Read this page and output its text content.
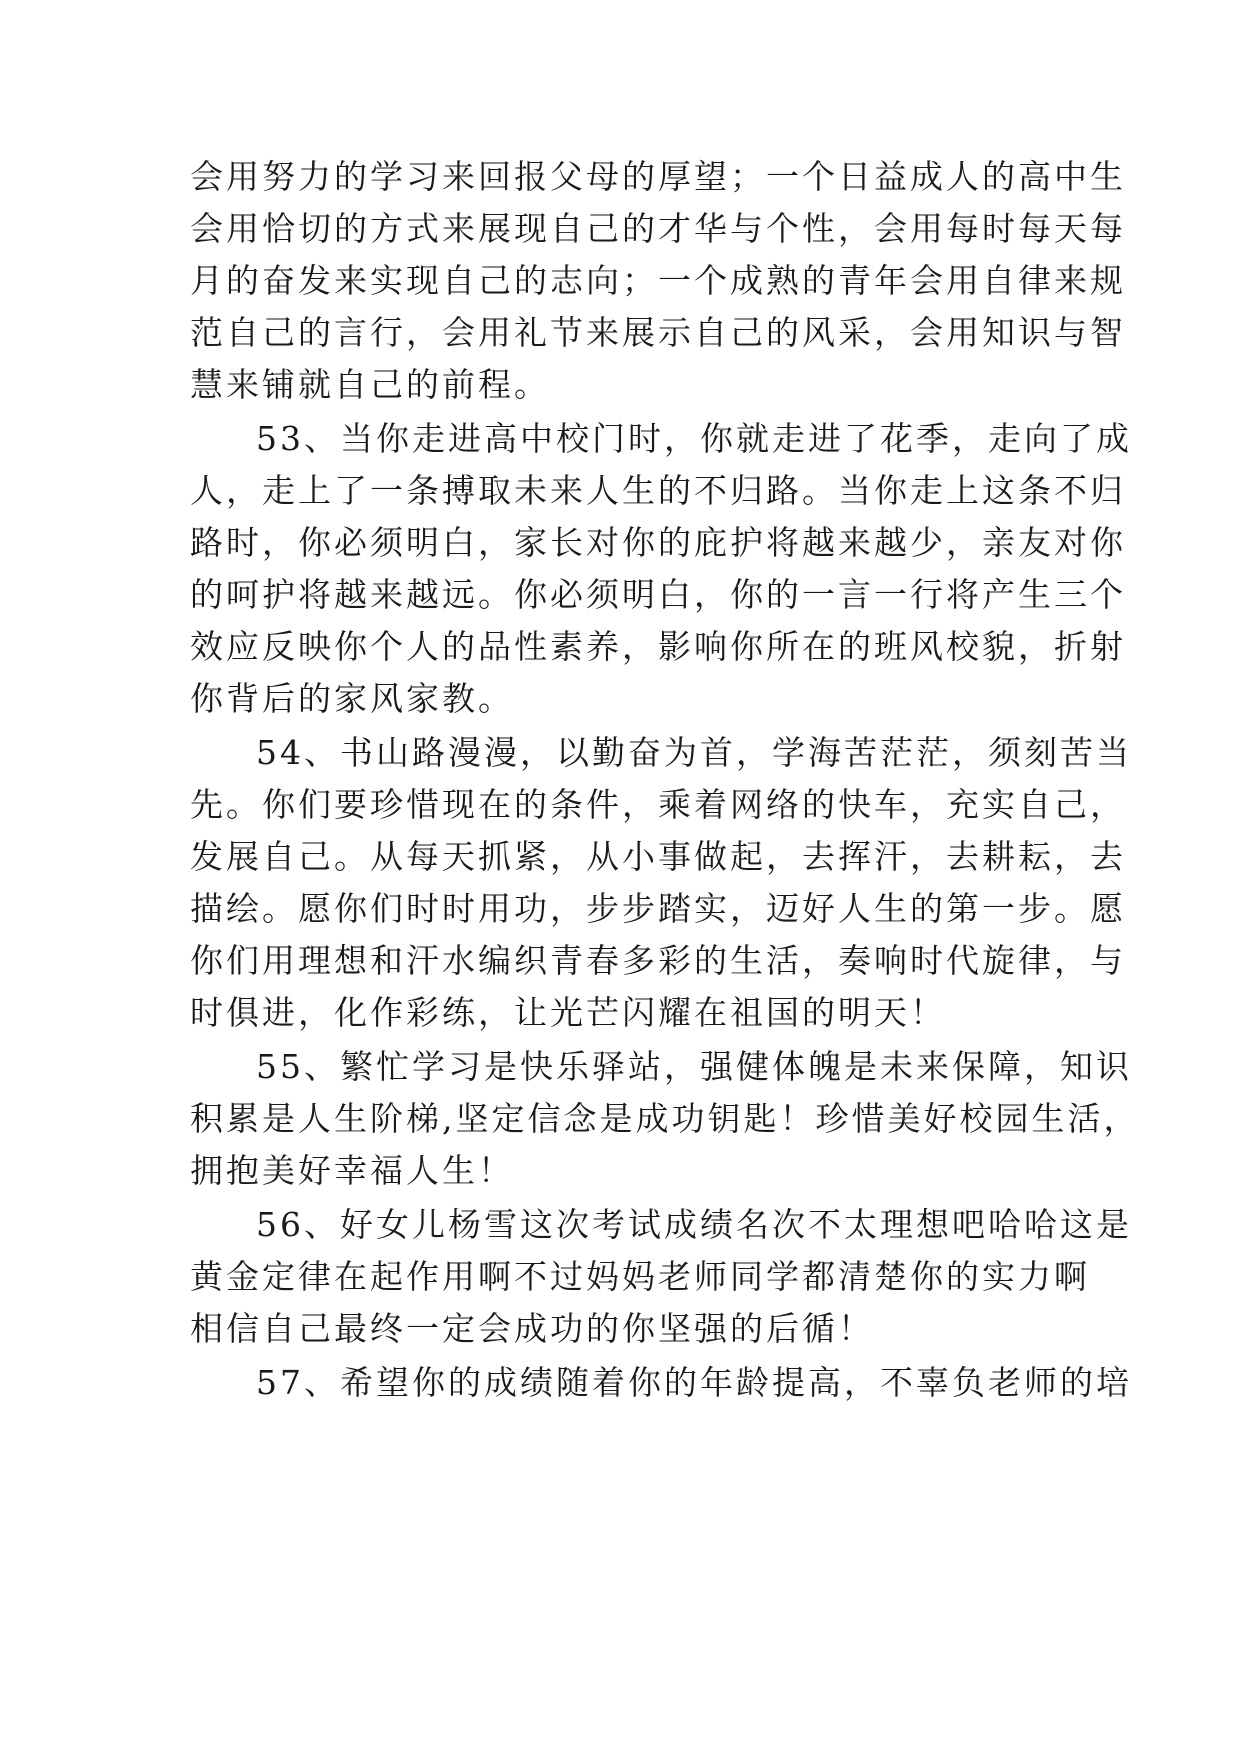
会用努力的学习来回报父母的厚望；一个日益成人的高中生
会用恰切的方式来展现自己的才华与个性，会用每时每天每
月的奋发来实现自己的志向；一个成熟的青年会用自律来规
范自己的言行，会用礼节来展示自己的风采，会用知识与智
慧来铺就自己的前程。
53、当你走进高中校门时，你就走进了花季，走向了成
人，走上了一条搏取未来人生的不归路。当你走上这条不归
路时，你必须明白，家长对你的庇护将越来越少，亲友对你
的呵护将越来越远。你必须明白，你的一言一行将产生三个
效应反映你个人的品性素养，影响你所在的班风校貌，折射
你背后的家风家教。
54、书山路漫漫，以勤奋为首，学海苦茫茫，须刻苦当
先。你们要珍惜现在的条件，乘着网络的快车，充实自己，
发展自己。从每天抓紧，从小事做起，去挥汗，去耕耘，去
描绘。愿你们时时用功，步步踏实，迈好人生的第一步。愿
你们用理想和汗水编织青春多彩的生活，奏响时代旋律，与
时俱进，化作彩练，让光芒闪耀在祖国的明天！
55、繁忙学习是快乐驿站，强健体魄是未来保障，知识
积累是人生阶梯,坚定信念是成功钥匙！珍惜美好校园生活，
拥抱美好幸福人生！
56、好女儿杨雪这次考试成绩名次不太理想吧哈哈这是
黄金定律在起作用啊不过妈妈老师同学都清楚你的实力啊
相信自己最终一定会成功的你坚强的后循！
57、希望你的成绩随着你的年龄提高，不辜负老师的培
